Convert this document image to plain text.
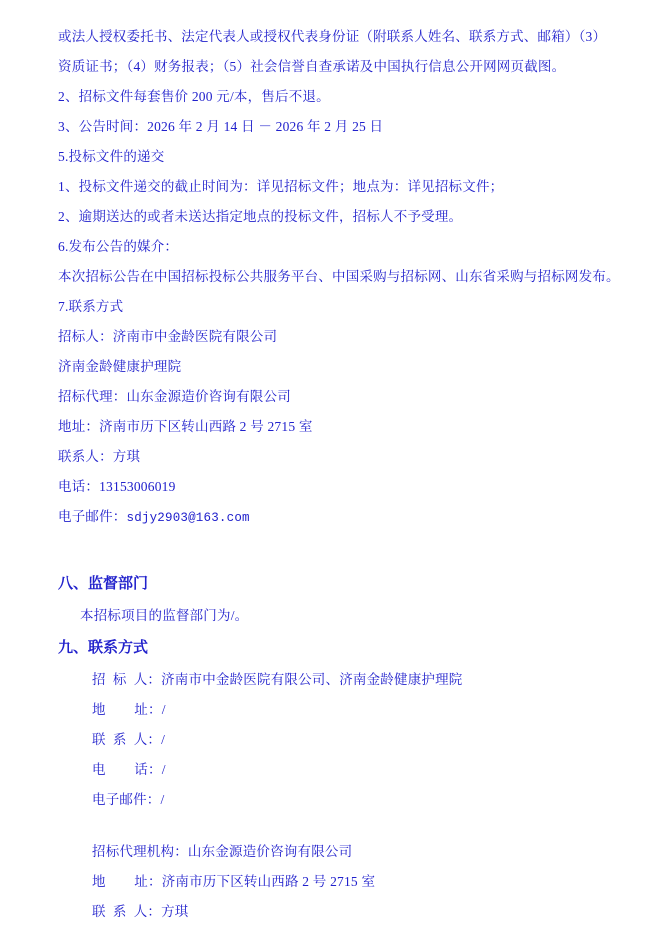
或法人授权委托书、法定代表人或授权代表身份证（附联系人姓名、联系方式、邮箱）（3）
资质证书；（4）财务报表；（5）社会信誉自查承诺及中国执行信息公开网网页截图。
2、招标文件每套售价 200 元/本，售后不退。
3、公告时间：2026 年 2 月 14 日 － 2026 年 2 月 25 日
5.投标文件的递交
1、投标文件递交的截止时间为：详见招标文件；地点为：详见招标文件；
2、逾期送达的或者未送达指定地点的投标文件，招标人不予受理。
6.发布公告的媒介：
本次招标公告在中国招标投标公共服务平台、中国采购与招标网、山东省采购与招标网发布。
7.联系方式
招标人：济南市中金龄医院有限公司
济南金龄健康护理院
招标代理：山东金源造价咨询有限公司
地址：济南市历下区转山西路 2 号 2715 室
联系人：方琪
电话：13153006019
电子邮件：sdjy2903@163.com
八、监督部门
本招标项目的监督部门为/。
九、联系方式
招  标  人：济南市中金龄医院有限公司、济南金龄健康护理院
地        址：/
联  系  人：/
电        话：/
电子邮件：/
招标代理机构：山东金源造价咨询有限公司
地        址：济南市历下区转山西路 2 号 2715 室
联  系  人：方琪
